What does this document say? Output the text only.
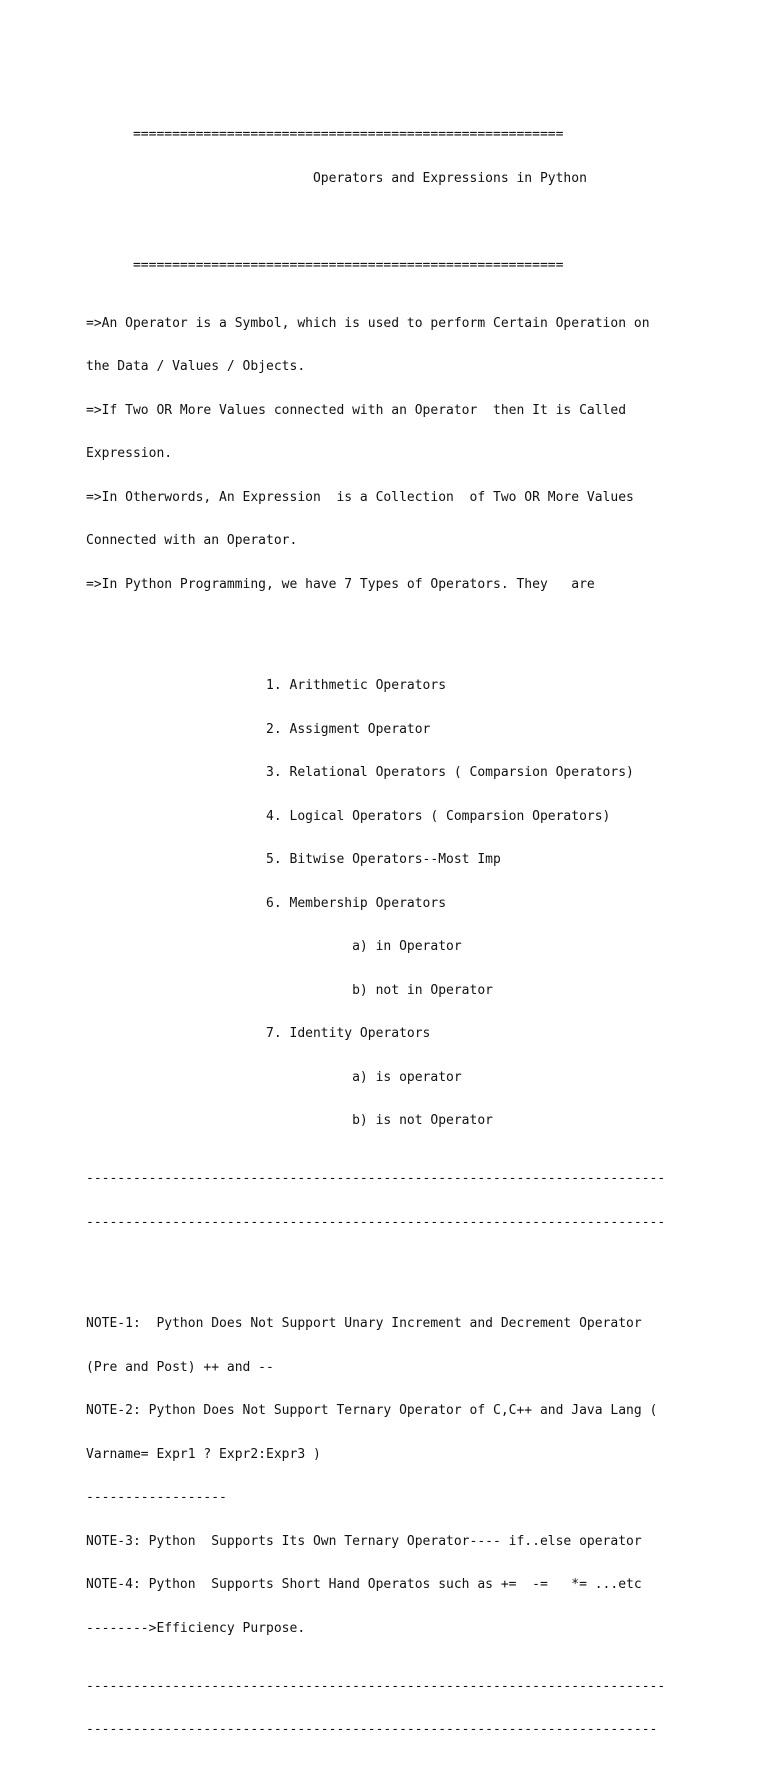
=======================================================

Operators and Expressions in Python

=======================================================

=>An Operator is a Symbol, which is used to perform Certain Operation on

the Data / Values / Objects.

=>If Two OR More Values connected with an Operator  then It is Called

Expression.

=>In Otherwords, An Expression  is a Collection  of Two OR More Values

Connected with an Operator.

=>In Python Programming, we have 7 Types of Operators. They   are

1. Arithmetic Operators

2. Assigment Operator

3. Relational Operators ( Comparsion Operators)

4. Logical Operators ( Comparsion Operators)

5. Bitwise Operators--Most Imp

6. Membership Operators

a) in Operator

b) not in Operator

7. Identity Operators

a) is operator

b) is not Operator

--------------------------------------------------------------------------

--------------------------------------------------------------------------

NOTE-1:  Python Does Not Support Unary Increment and Decrement Operator

(Pre and Post) ++ and --

NOTE-2: Python Does Not Support Ternary Operator of C,C++ and Java Lang (

Varname= Expr1 ? Expr2:Expr3 )

------------------

NOTE-3: Python  Supports Its Own Ternary Operator---- if..else operator

NOTE-4: Python  Supports Short Hand Operatos such as +=  -=   *= ...etc

-------->Efficiency Purpose.

--------------------------------------------------------------------------

-------------------------------------------------------------------------
